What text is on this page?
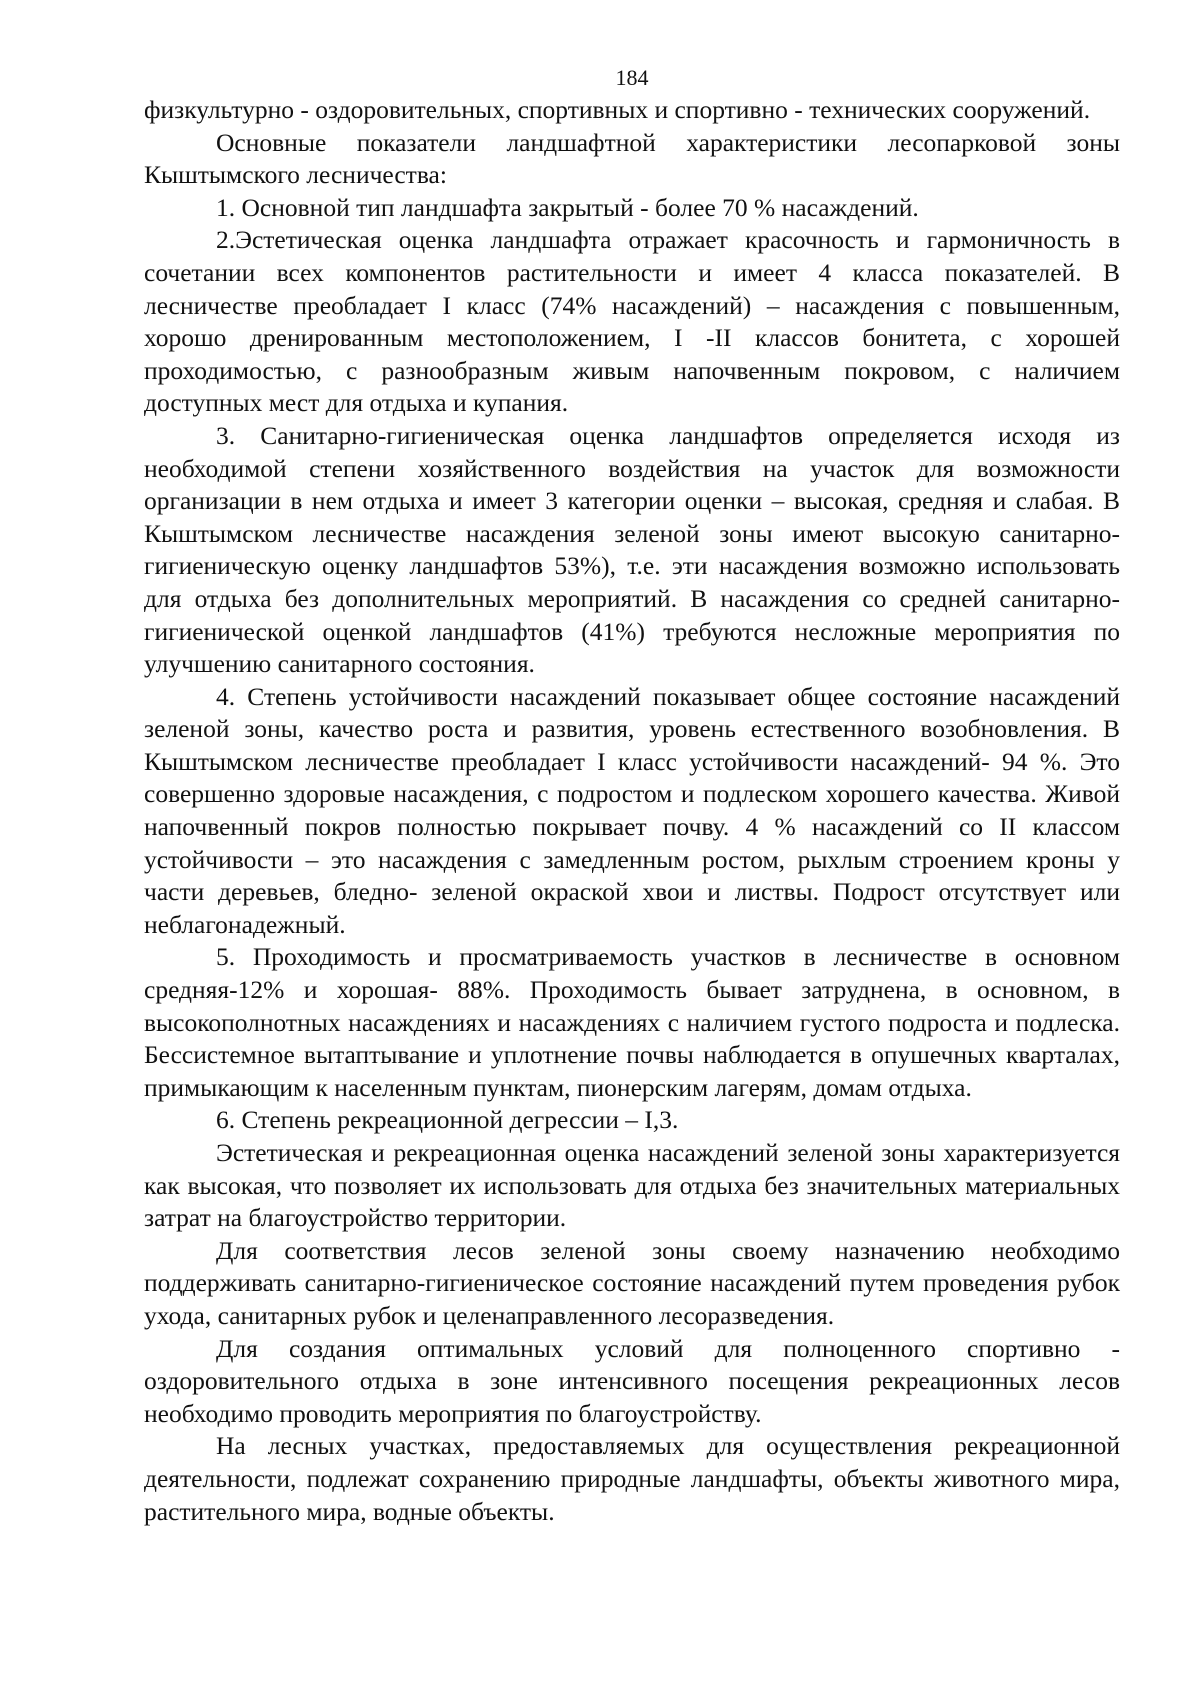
184

физкультурно - оздоровительных, спортивных и спортивно - технических сооружений.

Основные показатели ландшафтной характеристики лесопарковой зоны Кыштымского лесничества:

1. Основной тип ландшафта закрытый - более 70 % насаждений.

2.Эстетическая оценка ландшафта отражает красочность и гармоничность в сочетании всех компонентов растительности и имеет 4 класса показателей. В лесничестве преобладает I класс (74% насаждений) – насаждения с повышенным, хорошо дренированным местоположением, I -II классов бонитета, с хорошей проходимостью, с разнообразным живым напочвенным покровом, с наличием доступных мест для отдыха и купания.

3. Санитарно-гигиеническая оценка ландшафтов определяется исходя из необходимой степени хозяйственного воздействия на участок для возможности организации в нем отдыха и имеет 3 категории оценки – высокая, средняя и слабая. В Кыштымском лесничестве насаждения зеленой зоны имеют высокую санитарно-гигиеническую оценку ландшафтов 53%), т.е. эти насаждения возможно использовать для отдыха без дополнительных мероприятий. В насаждения со средней санитарно-гигиенической оценкой ландшафтов (41%) требуются несложные мероприятия по улучшению санитарного состояния.

4. Степень устойчивости насаждений показывает общее состояние насаждений зеленой зоны, качество роста и развития, уровень естественного возобновления. В Кыштымском лесничестве преобладает I класс устойчивости насаждений- 94 %. Это совершенно здоровые насаждения, с подростом и подлеском хорошего качества. Живой напочвенный покров полностью покрывает почву. 4 % насаждений со II классом устойчивости – это насаждения с замедленным ростом, рыхлым строением кроны у части деревьев, бледно- зеленой окраской хвои и листвы. Подрост отсутствует или неблагонадежный.

5. Проходимость и просматриваемость участков в лесничестве в основном средняя-12% и хорошая- 88%. Проходимость бывает затруднена, в основном, в высокополнотных насаждениях и насаждениях с наличием густого подроста и подлеска. Бессистемное вытаптывание и уплотнение почвы наблюдается в опушечных кварталах, примыкающим к населенным пунктам, пионерским лагерям, домам отдыха.

6. Степень рекреационной дегрессии – I,3.

Эстетическая и рекреационная оценка насаждений зеленой зоны характеризуется как высокая, что позволяет их использовать для отдыха без значительных материальных затрат на благоустройство территории.

Для соответствия лесов зеленой зоны своему назначению необходимо поддерживать санитарно-гигиеническое состояние насаждений путем проведения рубок ухода, санитарных рубок и целенаправленного лесоразведения.

Для создания оптимальных условий для полноценного спортивно - оздоровительного отдыха в зоне интенсивного посещения рекреационных лесов необходимо проводить мероприятия по благоустройству.

На лесных участках, предоставляемых для осуществления рекреационной деятельности, подлежат сохранению природные ландшафты, объекты животного мира, растительного мира, водные объекты.
